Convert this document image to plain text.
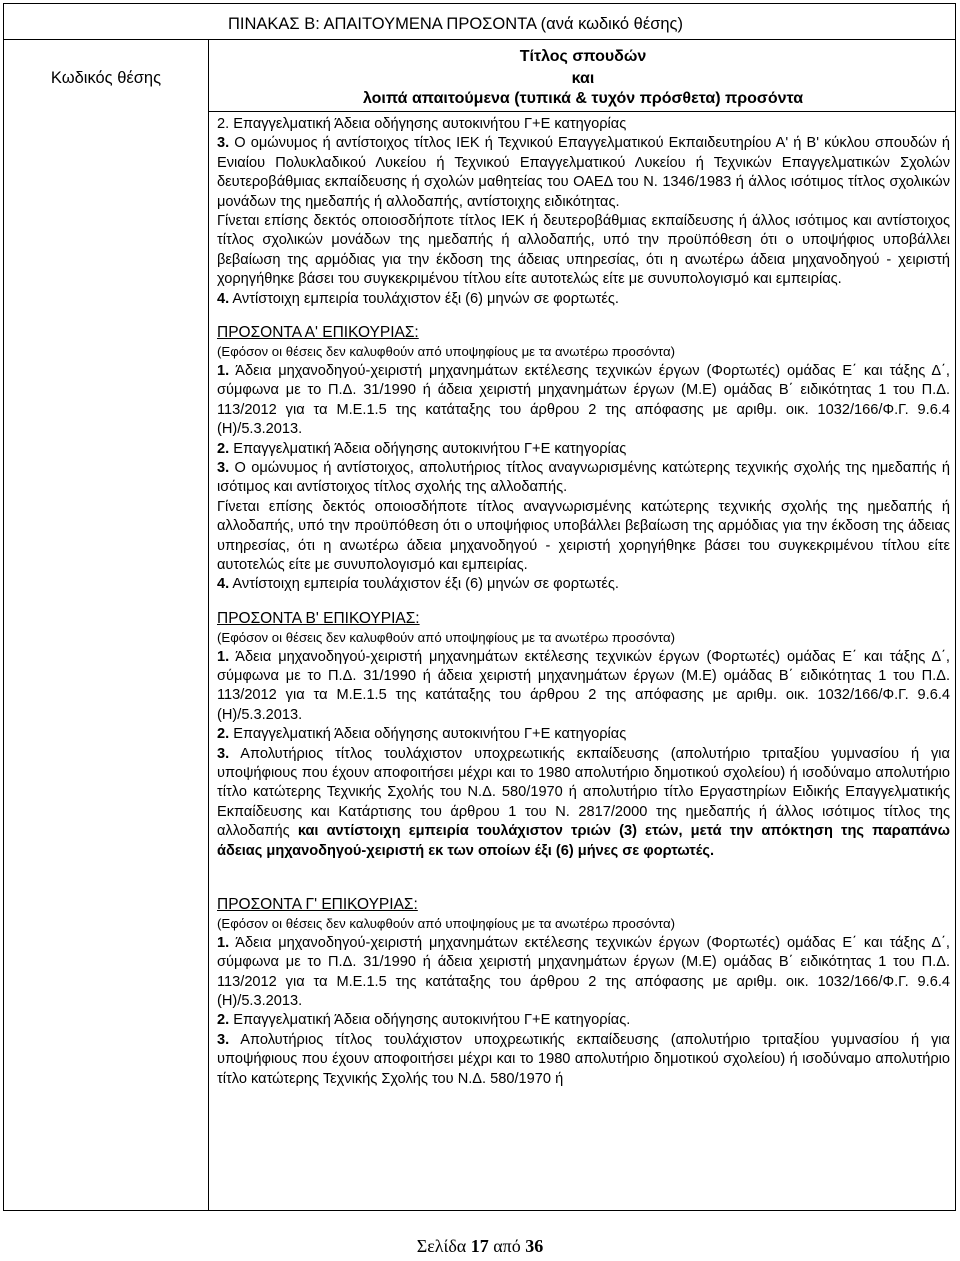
ΠΙΝΑΚΑΣ Β: ΑΠΑΙΤΟΥΜΕΝΑ ΠΡΟΣΟΝΤΑ (ανά κωδικό θέσης)
Κωδικός θέσης
Τίτλος σπουδών
και
λοιπά απαιτούμενα (τυπικά & τυχόν πρόσθετα) προσόντα

2. Επαγγελματική Άδεια οδήγησης αυτοκινήτου Γ+Ε κατηγορίας

3. Ο ομώνυμος ή αντίστοιχος τίτλος ΙΕΚ ή Τεχνικού Επαγγελματικού Εκπαιδευτηρίου Α' ή Β' κύκλου σπουδών ή Ενιαίου Πολυκλαδικού Λυκείου ή Τεχνικού Επαγγελματικού Λυκείου ή Τεχνικών Επαγγελματικών Σχολών δευτεροβάθμιας εκπαίδευσης ή σχολών μαθητείας του ΟΑΕΔ του Ν. 1346/1983 ή άλλος ισότιμος τίτλος σχολικών μονάδων της ημεδαπής ή αλλοδαπής, αντίστοιχης ειδικότητας.

Γίνεται επίσης δεκτός οποιοσδήποτε τίτλος ΙΕΚ ή δευτεροβάθμιας εκπαίδευσης ή άλλος ισότιμος και αντίστοιχος τίτλος σχολικών μονάδων της ημεδαπής ή αλλοδαπής, υπό την προϋπόθεση ότι ο υποψήφιος υποβάλλει βεβαίωση της αρμόδιας για την έκδοση της άδειας υπηρεσίας, ότι η ανωτέρω άδεια μηχανοδηγού - χειριστή χορηγήθηκε βάσει του συγκεκριμένου τίτλου είτε αυτοτελώς είτε με συνυπολογισμό και εμπειρίας.

4. Αντίστοιχη εμπειρία τουλάχιστον έξι (6) μηνών σε φορτωτές.

ΠΡΟΣΟΝΤΑ Α' ΕΠΙΚΟΥΡΙΑΣ:

(Εφόσον οι θέσεις δεν καλυφθούν από υποψηφίους με τα ανωτέρω προσόντα)

1. Άδεια μηχανοδηγού-χειριστή μηχανημάτων εκτέλεσης τεχνικών έργων (Φορτωτές) ομάδας Ε΄ και τάξης Δ΄, σύμφωνα με το Π.Δ. 31/1990 ή άδεια χειριστή μηχανημάτων έργων (Μ.Ε) ομάδας Β΄ ειδικότητας 1 του Π.Δ. 113/2012 για τα Μ.Ε.1.5 της κατάταξης του άρθρου 2 της απόφασης με αριθμ. οικ. 1032/166/Φ.Γ. 9.6.4 (Η)/5.3.2013.

2. Επαγγελματική Άδεια οδήγησης αυτοκινήτου Γ+Ε κατηγορίας

3. Ο ομώνυμος ή αντίστοιχος, απολυτήριος τίτλος αναγνωρισμένης κατώτερης τεχνικής σχολής της ημεδαπής ή ισότιμος και αντίστοιχος τίτλος σχολής της αλλοδαπής.

Γίνεται επίσης δεκτός οποιοσδήποτε τίτλος αναγνωρισμένης κατώτερης τεχνικής σχολής της ημεδαπής ή αλλοδαπής, υπό την προϋπόθεση ότι ο υποψήφιος υποβάλλει βεβαίωση της αρμόδιας για την έκδοση της άδειας υπηρεσίας, ότι η ανωτέρω άδεια μηχανοδηγού - χειριστή χορηγήθηκε βάσει του συγκεκριμένου τίτλου είτε αυτοτελώς είτε με συνυπολογισμό και εμπειρίας.

4. Αντίστοιχη εμπειρία τουλάχιστον έξι (6) μηνών σε φορτωτές.

ΠΡΟΣΟΝΤΑ Β' ΕΠΙΚΟΥΡΙΑΣ:

(Εφόσον οι θέσεις δεν καλυφθούν από υποψηφίους με τα ανωτέρω προσόντα)

1. Άδεια μηχανοδηγού-χειριστή μηχανημάτων εκτέλεσης τεχνικών έργων (Φορτωτές) ομάδας Ε΄ και τάξης Δ΄, σύμφωνα με το Π.Δ. 31/1990 ή άδεια χειριστή μηχανημάτων έργων (Μ.Ε) ομάδας Β΄ ειδικότητας 1 του Π.Δ. 113/2012 για τα Μ.Ε.1.5 της κατάταξης του άρθρου 2 της απόφασης με αριθμ. οικ. 1032/166/Φ.Γ. 9.6.4 (Η)/5.3.2013.

2. Επαγγελματική Άδεια οδήγησης αυτοκινήτου Γ+Ε κατηγορίας

3. Απολυτήριος τίτλος τουλάχιστον υποχρεωτικής εκπαίδευσης (απολυτήριο τριταξίου γυμνασίου ή για υποψήφιους που έχουν αποφοιτήσει μέχρι και το 1980 απολυτήριο δημοτικού σχολείου) ή ισοδύναμο απολυτήριο τίτλο κατώτερης Τεχνικής Σχολής του Ν.Δ. 580/1970 ή απολυτήριο τίτλο Εργαστηρίων Ειδικής Επαγγελματικής Εκπαίδευσης και Κατάρτισης του άρθρου 1 του Ν. 2817/2000 της ημεδαπής ή άλλος ισότιμος τίτλος της αλλοδαπής και αντίστοιχη εμπειρία τουλάχιστον τριών (3) ετών, μετά την απόκτηση της παραπάνω άδειας μηχανοδηγού-χειριστή εκ των οποίων έξι (6) μήνες σε φορτωτές.

ΠΡΟΣΟΝΤΑ Γ' ΕΠΙΚΟΥΡΙΑΣ:

(Εφόσον οι θέσεις δεν καλυφθούν από υποψηφίους με τα ανωτέρω προσόντα)

1. Άδεια μηχανοδηγού-χειριστή μηχανημάτων εκτέλεσης τεχνικών έργων (Φορτωτές) ομάδας Ε΄ και τάξης Δ΄, σύμφωνα με το Π.Δ. 31/1990 ή άδεια χειριστή μηχανημάτων έργων (Μ.Ε) ομάδας Β΄ ειδικότητας 1 του Π.Δ. 113/2012 για τα Μ.Ε.1.5 της κατάταξης του άρθρου 2 της απόφασης με αριθμ. οικ. 1032/166/Φ.Γ. 9.6.4 (Η)/5.3.2013.

2. Επαγγελματική Άδεια οδήγησης αυτοκινήτου Γ+Ε κατηγορίας.

3. Απολυτήριος τίτλος τουλάχιστον υποχρεωτικής εκπαίδευσης (απολυτήριο τριταξίου γυμνασίου ή για υποψήφιους που έχουν αποφοιτήσει μέχρι και το 1980 απολυτήριο δημοτικού σχολείου) ή ισοδύναμο απολυτήριο τίτλο κατώτερης Τεχνικής Σχολής του Ν.Δ. 580/1970 ή

Σελίδα 17 από 36
